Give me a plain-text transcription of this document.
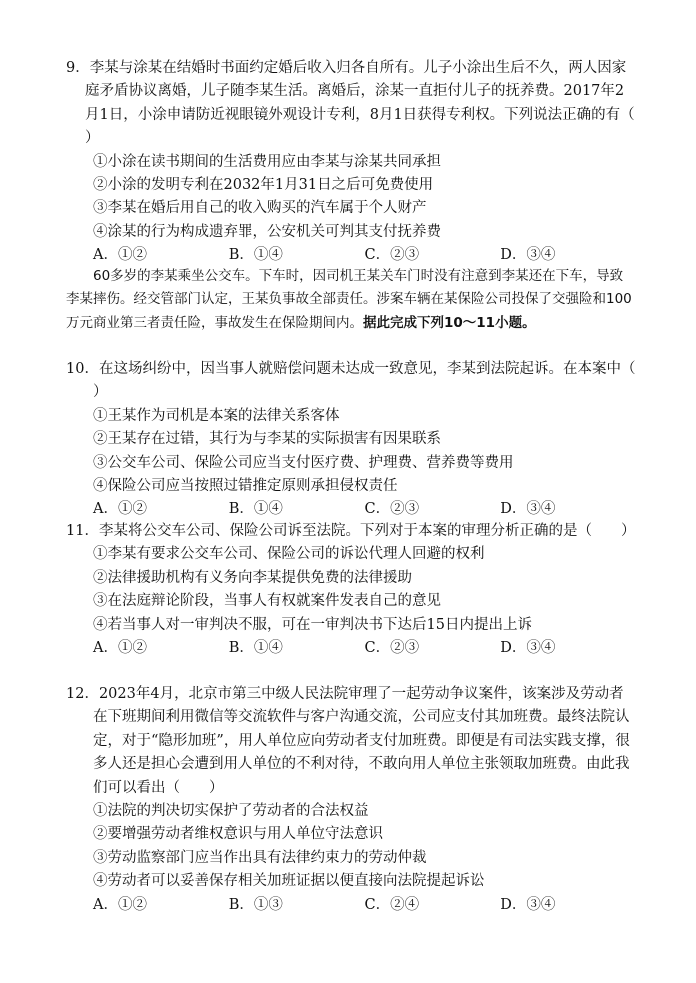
9．李某与涂某在结婚时书面约定婚后收入归各自所有。儿子小涂出生后不久，两人因家庭矛盾协议离婚，儿子随李某生活。离婚后，涂某一直拒付儿子的抚养费。2017年2月1日，小涂申请防近视眼镜外观设计专利，8月1日获得专利权。下列说法正确的有（　　）
①小涂在读书期间的生活费用应由李某与涂某共同承担
②小涂的发明专利在2032年1月31日之后可免费使用
③李某在婚后用自己的收入购买的汽车属于个人财产
④涂某的行为构成遗弃罪，公安机关可判其支付抚养费
A．①②	B．①④	C．②③	D．③④
60多岁的李某乘坐公交车。下车时，因司机王某关车门时没有注意到李某还在下车，导致李某摔伤。经交管部门认定，王某负事故全部责任。涉案车辆在某保险公司投保了交强险和100万元商业第三者责任险，事故发生在保险期间内。据此完成下列10～11小题。
10．在这场纠纷中，因当事人就赔偿问题未达成一致意见，李某到法院起诉。在本案中（　　）
①王某作为司机是本案的法律关系客体
②王某存在过错，其行为与李某的实际损害有因果联系
③公交车公司、保险公司应当支付医疗费、护理费、营养费等费用
④保险公司应当按照过错推定原则承担侵权责任
A．①②	B．①④	C．②③	D．③④
11．李某将公交车公司、保险公司诉至法院。下列对于本案的审理分析正确的是（　　）
①李某有要求公交车公司、保险公司的诉讼代理人回避的权利
②法律援助机构有义务向李某提供免费的法律援助
③在法庭辩论阶段，当事人有权就案件发表自己的意见
④若当事人对一审判决不服，可在一审判决书下达后15日内提出上诉
A．①②	B．①④	C．②③	D．③④
12．2023年4月，北京市第三中级人民法院审理了一起劳动争议案件，该案涉及劳动者在下班期间利用微信等交流软件与客户沟通交流，公司应支付其加班费。最终法院认定，对于“隐形加班”，用人单位应向劳动者支付加班费。即便是有司法实践支撑，很多人还是担心会遭到用人单位的不利对待，不敢向用人单位主张领取加班费。由此我们可以看出（　　）
①法院的判决切实保护了劳动者的合法权益
②要增强劳动者维权意识与用人单位守法意识
③劳动监察部门应当作出具有法律约束力的劳动仲裁
④劳动者可以妥善保存相关加班证据以便直接向法院提起诉讼
A．①②	B．①③	C．②④	D．③④
